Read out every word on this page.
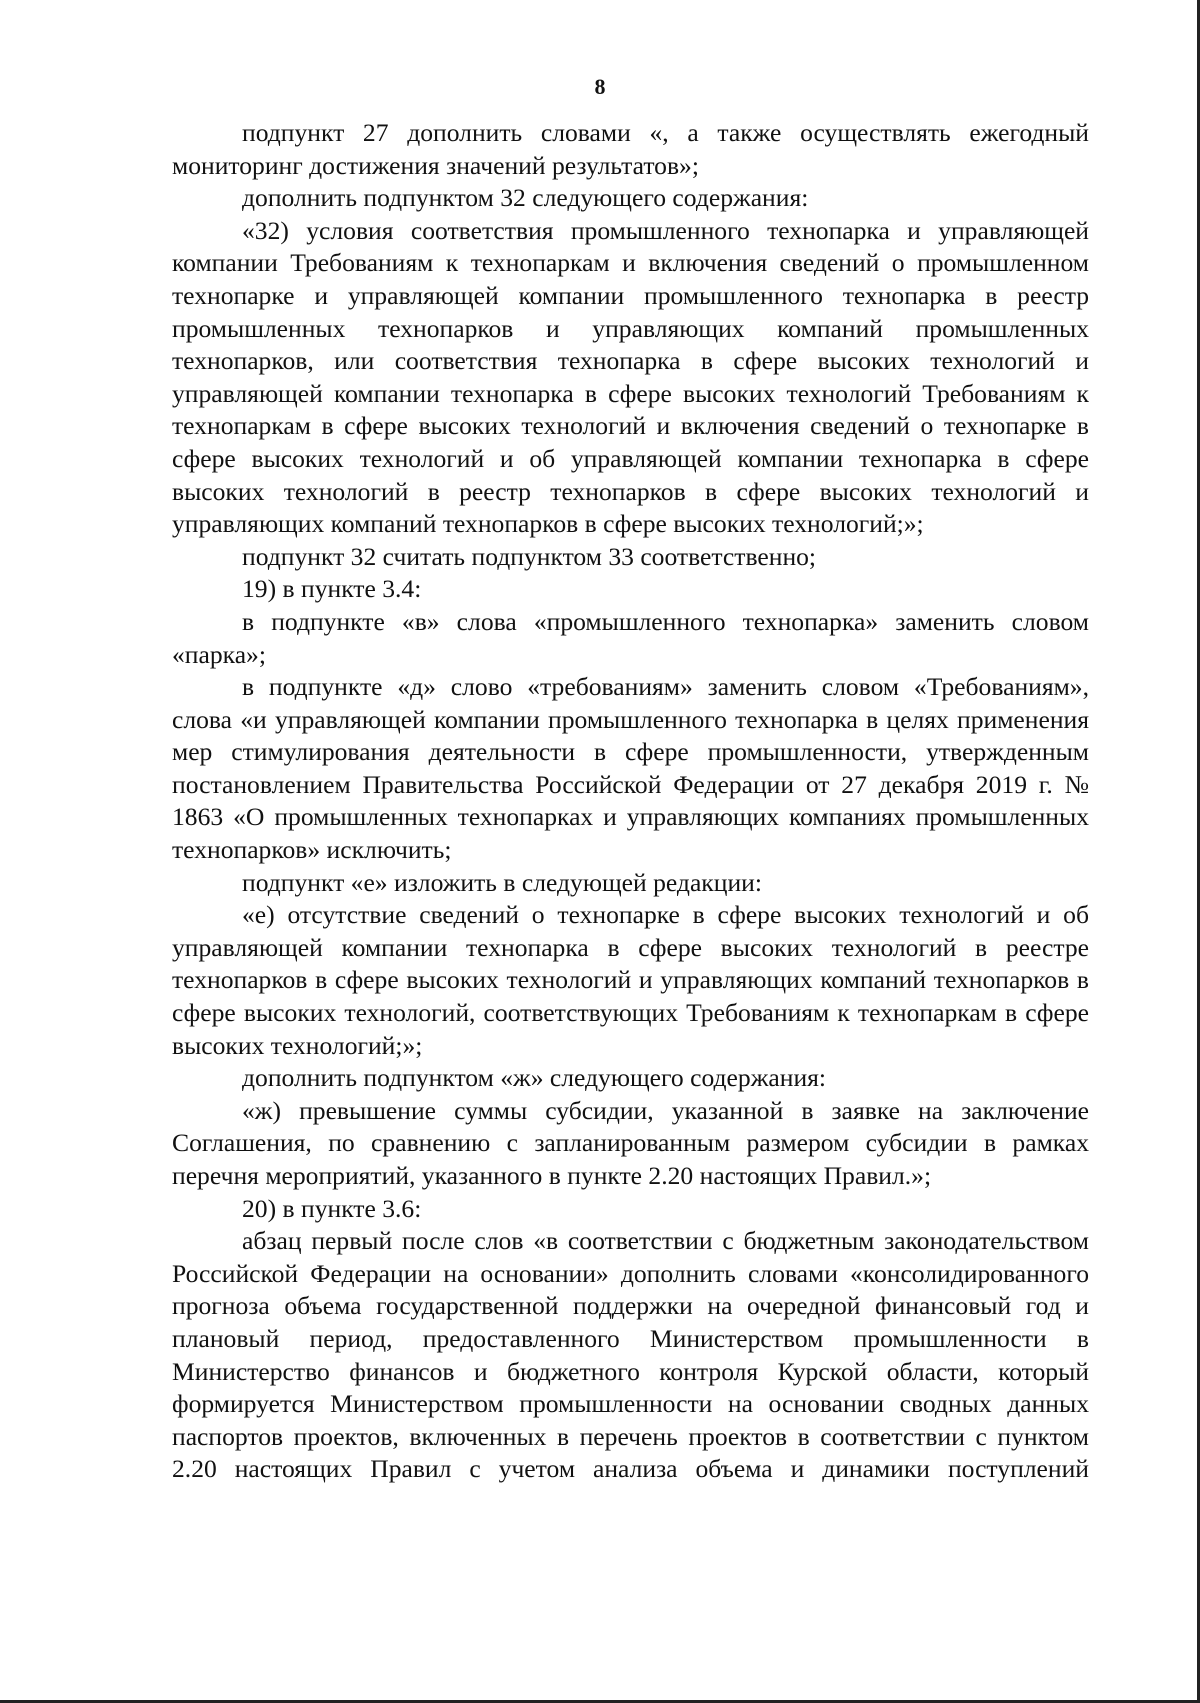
8

подпункт 27 дополнить словами «, а также осуществлять ежегодный мониторинг достижения значений результатов»;

дополнить подпунктом 32 следующего содержания:

«32) условия соответствия промышленного технопарка и управляющей компании Требованиям к технопаркам и включения сведений о промышленном технопарке и управляющей компании промышленного технопарка в реестр промышленных технопарков и управляющих компаний промышленных технопарков, или соответствия технопарка в сфере высоких технологий и управляющей компании технопарка в сфере высоких технологий Требованиям к технопаркам в сфере высоких технологий и включения сведений о технопарке в сфере высоких технологий и об управляющей компании технопарка в сфере высоких технологий в реестр технопарков в сфере высоких технологий и управляющих компаний технопарков в сфере высоких технологий;»;

подпункт 32 считать подпунктом 33 соответственно;

19) в пункте 3.4:

в подпункте «в» слова «промышленного технопарка» заменить словом «парка»;

в подпункте «д» слово «требованиям» заменить словом «Требованиям», слова «и управляющей компании промышленного технопарка в целях применения мер стимулирования деятельности в сфере промышленности, утвержденным постановлением Правительства Российской Федерации от 27 декабря 2019 г. № 1863 «О промышленных технопарках и управляющих компаниях промышленных технопарков» исключить;

подпункт «е» изложить в следующей редакции:

«е) отсутствие сведений о технопарке в сфере высоких технологий и об управляющей компании технопарка в сфере высоких технологий в реестре технопарков в сфере высоких технологий и управляющих компаний технопарков в сфере высоких технологий, соответствующих Требованиям к технопаркам в сфере высоких технологий;»;

дополнить подпунктом «ж» следующего содержания:

«ж) превышение суммы субсидии, указанной в заявке на заключение Соглашения, по сравнению с запланированным размером субсидии в рамках перечня мероприятий, указанного в пункте 2.20 настоящих Правил.»;

20) в пункте 3.6:

абзац первый после слов «в соответствии с бюджетным законодательством Российской Федерации на основании» дополнить словами «консолидированного прогноза объема государственной поддержки на очередной финансовый год и плановый период, предоставленного Министерством промышленности в Министерство финансов и бюджетного контроля Курской области, который формируется Министерством промышленности на основании сводных данных паспортов проектов, включенных в перечень проектов в соответствии с пунктом 2.20 настоящих Правил с учетом анализа объема и динамики поступлений
